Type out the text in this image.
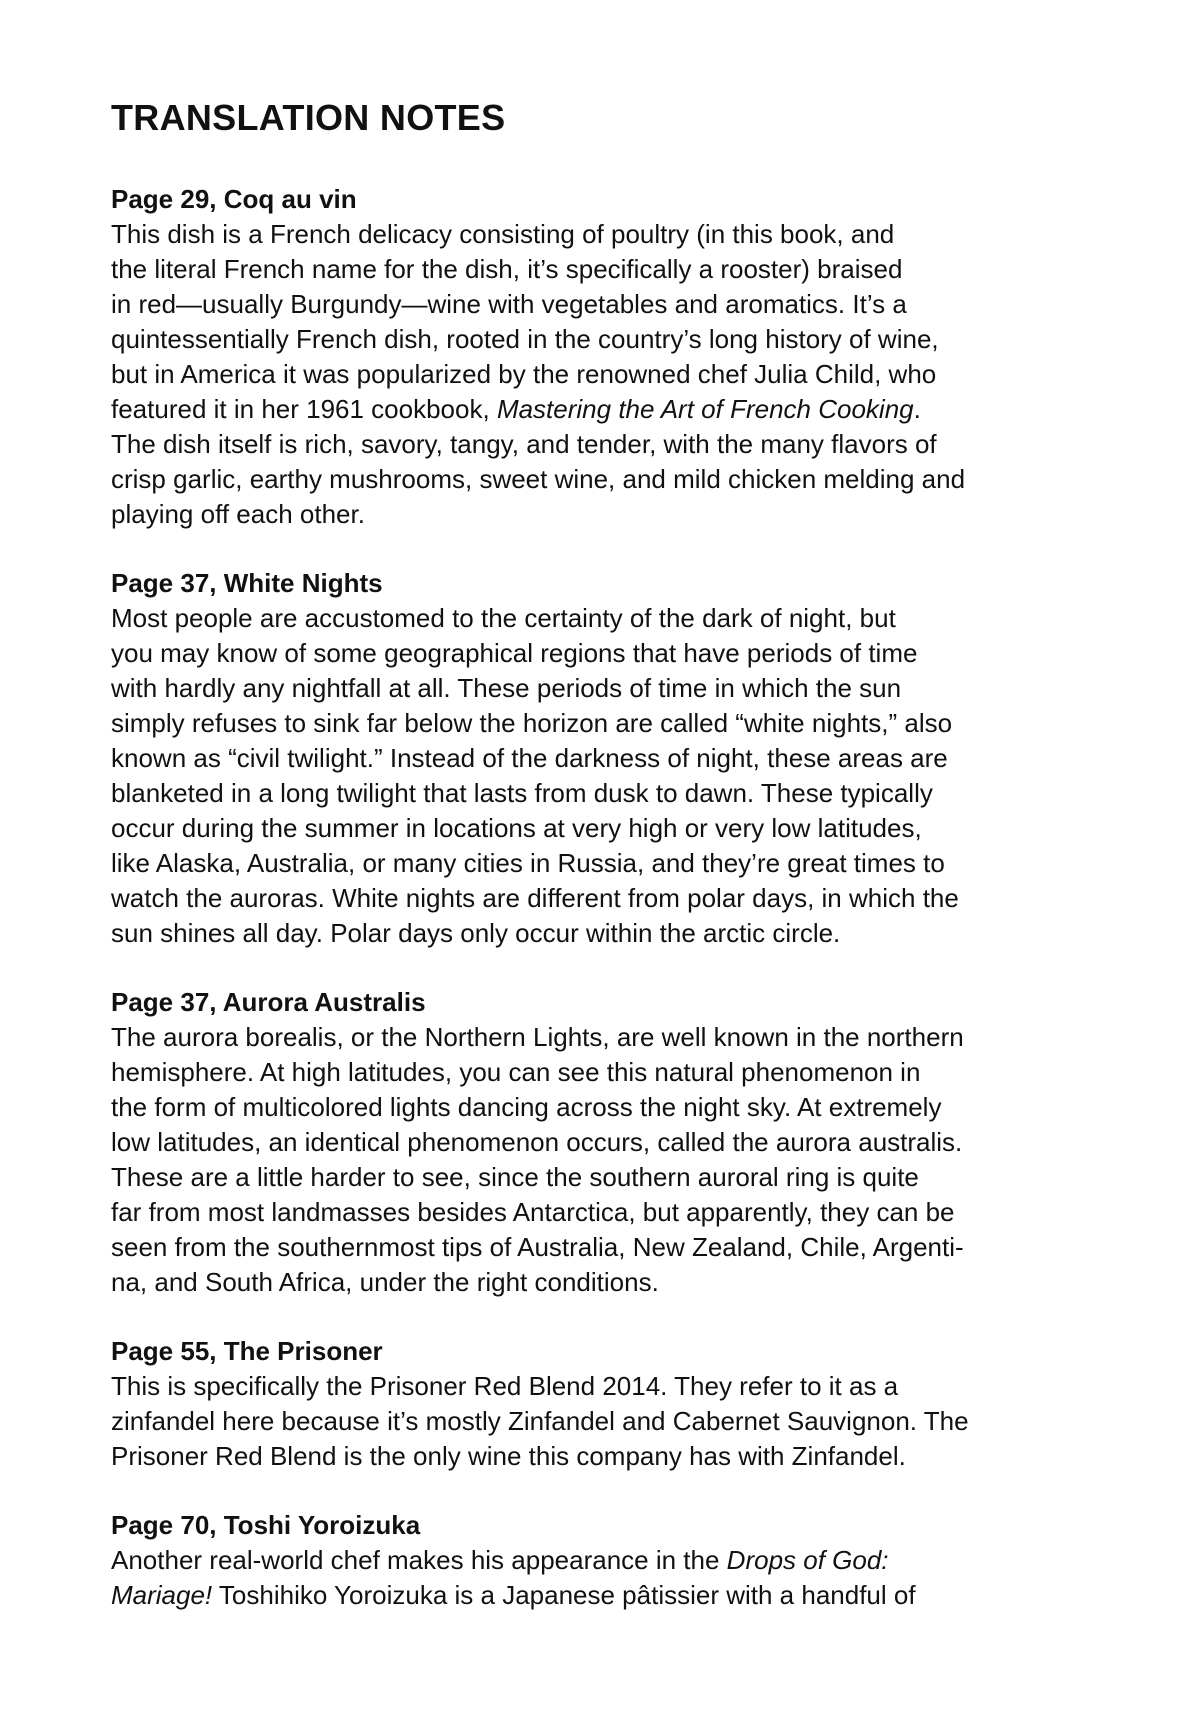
TRANSLATION NOTES

Page 29, Coq au vin

This dish is a French delicacy consisting of poultry (in this book, and
the literal French name for the dish, it’s specifically a rooster) braised
in red—usually Burgundy—wine with vegetables and aromatics. It’s a
quintessentially French dish, rooted in the country’s long history of wine,
but in America it was popularized by the renowned chef Julia Child, who
featured it in her 1961 cookbook, Mastering the Art of French Cooking.
The dish itself is rich, savory, tangy, and tender, with the many flavors of
crisp garlic, earthy mushrooms, sweet wine, and mild chicken melding and
playing off each other.

Page 37, White Nights

Most people are accustomed to the certainty of the dark of night, but
you may know of some geographical regions that have periods of time
with hardly any nightfall at all. These periods of time in which the sun
simply refuses to sink far below the horizon are called “white nights,” also
known as “civil twilight.” Instead of the darkness of night, these areas are
blanketed in a long twilight that lasts from dusk to dawn. These typically
occur during the summer in locations at very high or very low latitudes,
like Alaska, Australia, or many cities in Russia, and they’re great times to
watch the auroras. White nights are different from polar days, in which the
sun shines all day. Polar days only occur within the arctic circle.

Page 37, Aurora Australis

The aurora borealis, or the Northern Lights, are well known in the northern
hemisphere. At high latitudes, you can see this natural phenomenon in
the form of multicolored lights dancing across the night sky. At extremely
low latitudes, an identical phenomenon occurs, called the aurora australis.
These are a little harder to see, since the southern auroral ring is quite
far from most landmasses besides Antarctica, but apparently, they can be
seen from the southernmost tips of Australia, New Zealand, Chile, Argenti-
na, and South Africa, under the right conditions.

Page 55, The Prisoner

This is specifically the Prisoner Red Blend 2014. They refer to it as a
zinfandel here because it’s mostly Zinfandel and Cabernet Sauvignon. The
Prisoner Red Blend is the only wine this company has with Zinfandel.

Page 70, Toshi Yoroizuka

Another real-world chef makes his appearance in the Drops of God:
Mariage! Toshihiko Yoroizuka is a Japanese pâtissier with a handful of
